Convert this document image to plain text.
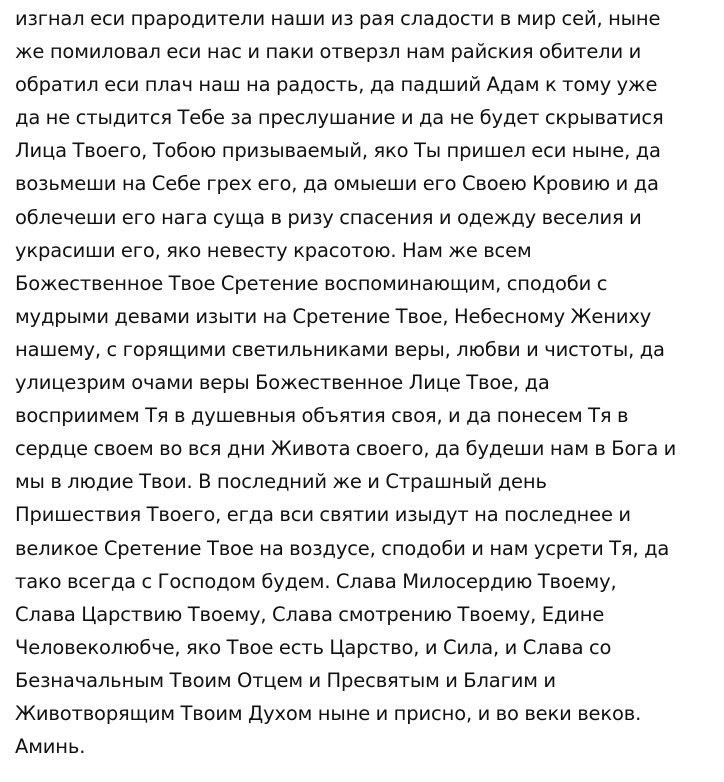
изгнал еси прародители наши из рая сладости в мир сей, ныне
же помиловал еси нас и паки отверзл нам райския обители и
обратил еси плач наш на радость, да падший Адам к тому уже
да не стыдится Тебе за преслушание и да не будет скрыватися
Лица Твоего, Тобою призываемый, яко Ты пришел еси ныне, да
возьмеши на Себе грех его, да омыеши его Своею Кровию и да
облечеши его нага суща в ризу спасения и одежду веселия и
украсиши его, яко невесту красотою. Нам же всем
Божественное Твое Сретение воспоминающим, сподоби с
мудрыми девами изыти на Сретение Твое, Небесному Жениху
нашему, с горящими светильниками веры, любви и чистоты, да
улицезрим очами веры Божественное Лице Твое, да
восприимем Тя в душевныя объятия своя, и да понесем Тя в
сердце своем во вся дни Живота своего, да будеши нам в Бога и
мы в людие Твои. В последний же и Страшный день
Пришествия Твоего, егда вси святии изыдут на последнее и
великое Сретение Твое на воздусе, сподоби и нам усрети Тя, да
тако всегда с Господом будем. Слава Милосердию Твоему,
Слава Царствию Твоему, Слава смотрению Твоему, Едине
Человеколюбче, яко Твое есть Царство, и Сила, и Слава со
Безначальным Твоим Отцем и Пресвятым и Благим и
Животворящим Твоим Духом ныне и присно, и во веки веков.
Аминь.
